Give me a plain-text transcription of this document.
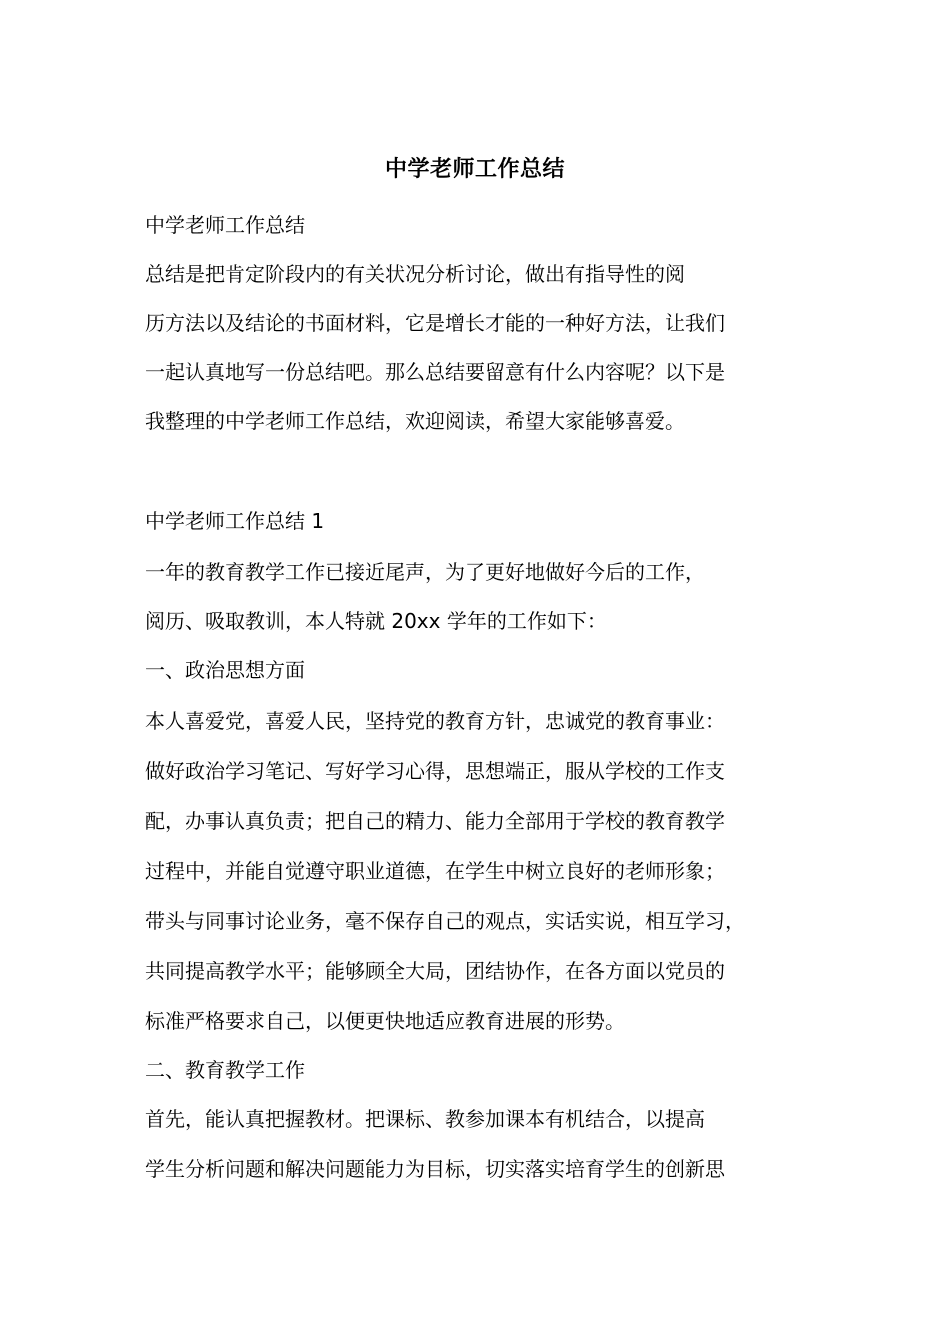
中学老师工作总结
中学老师工作总结
总结是把肯定阶段内的有关状况分析讨论，做出有指导性的阅
历方法以及结论的书面材料，它是增长才能的一种好方法，让我们
一起认真地写一份总结吧。那么总结要留意有什么内容呢？以下是
我整理的中学老师工作总结，欢迎阅读，希望大家能够喜爱。
中学老师工作总结 1
一年的教育教学工作已接近尾声，为了更好地做好今后的工作，
阅历、吸取教训，本人特就 20xx 学年的工作如下：
一、政治思想方面
本人喜爱党，喜爱人民，坚持党的教育方针，忠诚党的教育事业：
做好政治学习笔记、写好学习心得，思想端正，服从学校的工作支
配，办事认真负责；把自己的精力、能力全部用于学校的教育教学
过程中，并能自觉遵守职业道德，在学生中树立良好的老师形象；
带头与同事讨论业务，毫不保存自己的观点，实话实说，相互学习，
共同提高教学水平；能够顾全大局，团结协作，在各方面以党员的
标准严格要求自己，以便更快地适应教育进展的形势。
二、教育教学工作
首先，能认真把握教材。把课标、教参加课本有机结合，以提高
学生分析问题和解决问题能力为目标，切实落实培育学生的创新思
